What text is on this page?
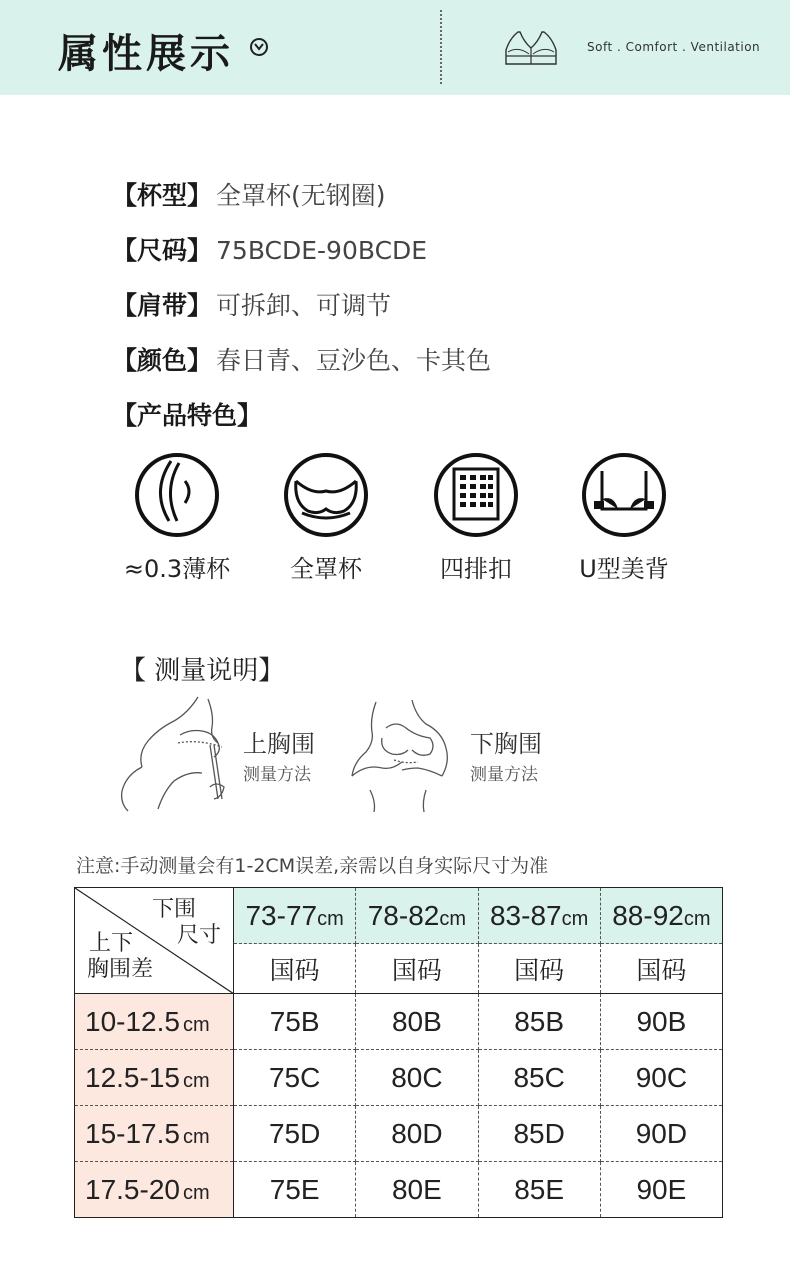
属性展示	Soft . Comfort . Ventilation
【杯型】 全罩杯(无钢圈)
【尺码】 75BCDE-90BCDE
【肩带】 可拆卸、可调节
【颜色】 春日青、豆沙色、卡其色
【产品特色】
≈0.3薄杯	全罩杯	四排扣	U型美背
【 测量说明】
上胸围
测量方法
下胸围
测量方法
注意:手动测量会有1-2CM误差,亲需以自身实际尺寸为准
下围
尺寸
上下
胸围差	73-77cm	78-82cm	83-87cm	88-92cm
	国码	国码	国码	国码
10-12.5 cm	75B	80B	85B	90B
12.5-15 cm	75C	80C	85C	90C
15-17.5 cm	75D	80D	85D	90D
17.5-20 cm	75E	80E	85E	90E
